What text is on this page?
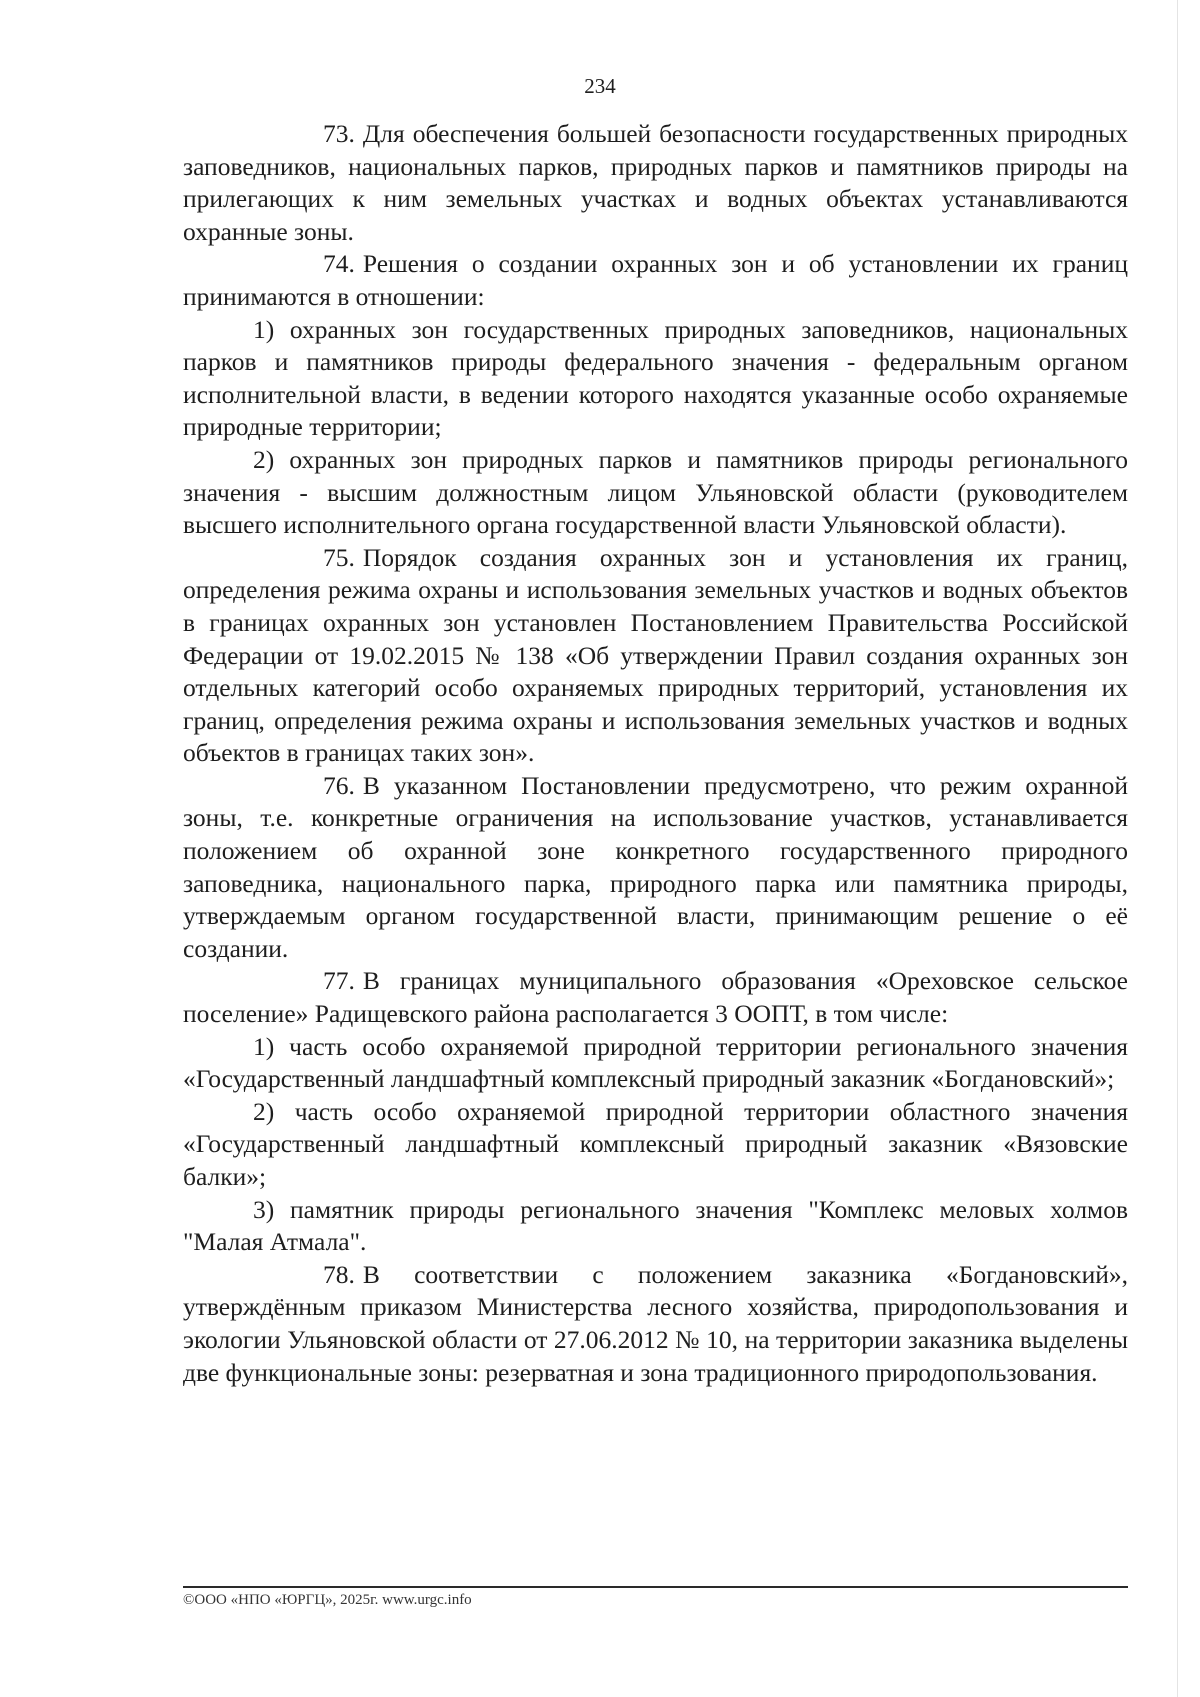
234

73. Для обеспечения большей безопасности государственных природных заповедников, национальных парков, природных парков и памятников природы на прилегающих к ним земельных участках и водных объектах устанавливаются охранные зоны.

74. Решения о создании охранных зон и об установлении их границ принимаются в отношении:

1) охранных зон государственных природных заповедников, национальных парков и памятников природы федерального значения - федеральным органом исполнительной власти, в ведении которого находятся указанные особо охраняемые природные территории;

2) охранных зон природных парков и памятников природы регионального значения - высшим должностным лицом Ульяновской области (руководителем высшего исполнительного органа государственной власти Ульяновской области).

75. Порядок создания охранных зон и установления их границ, определения режима охраны и использования земельных участков и водных объектов в границах охранных зон установлен Постановлением Правительства Российской Федерации от 19.02.2015 № 138 «Об утверждении Правил создания охранных зон отдельных категорий особо охраняемых природных территорий, установления их границ, определения режима охраны и использования земельных участков и водных объектов в границах таких зон».

76. В указанном Постановлении предусмотрено, что режим охранной зоны, т.е. конкретные ограничения на использование участков, устанавливается положением об охранной зоне конкретного государственного природного заповедника, национального парка, природного парка или памятника природы, утверждаемым органом государственной власти, принимающим решение о её создании.

77. В границах муниципального образования «Ореховское сельское поселение» Радищевского района располагается 3 ООПТ, в том числе:

1) часть особо охраняемой природной территории регионального значения «Государственный ландшафтный комплексный природный заказник «Богдановский»;

2) часть особо охраняемой природной территории областного значения «Государственный ландшафтный комплексный природный заказник «Вязовские балки»;

3) памятник природы регионального значения "Комплекс меловых холмов "Малая Атмала".

78. В соответствии с положением заказника «Богдановский», утверждённым приказом Министерства лесного хозяйства, природопользования и экологии Ульяновской области от 27.06.2012 № 10, на территории заказника выделены две функциональные зоны: резерватная и зона традиционного природопользования.

©ООО «НПО «ЮРГЦ», 2025г. www.urgc.info
